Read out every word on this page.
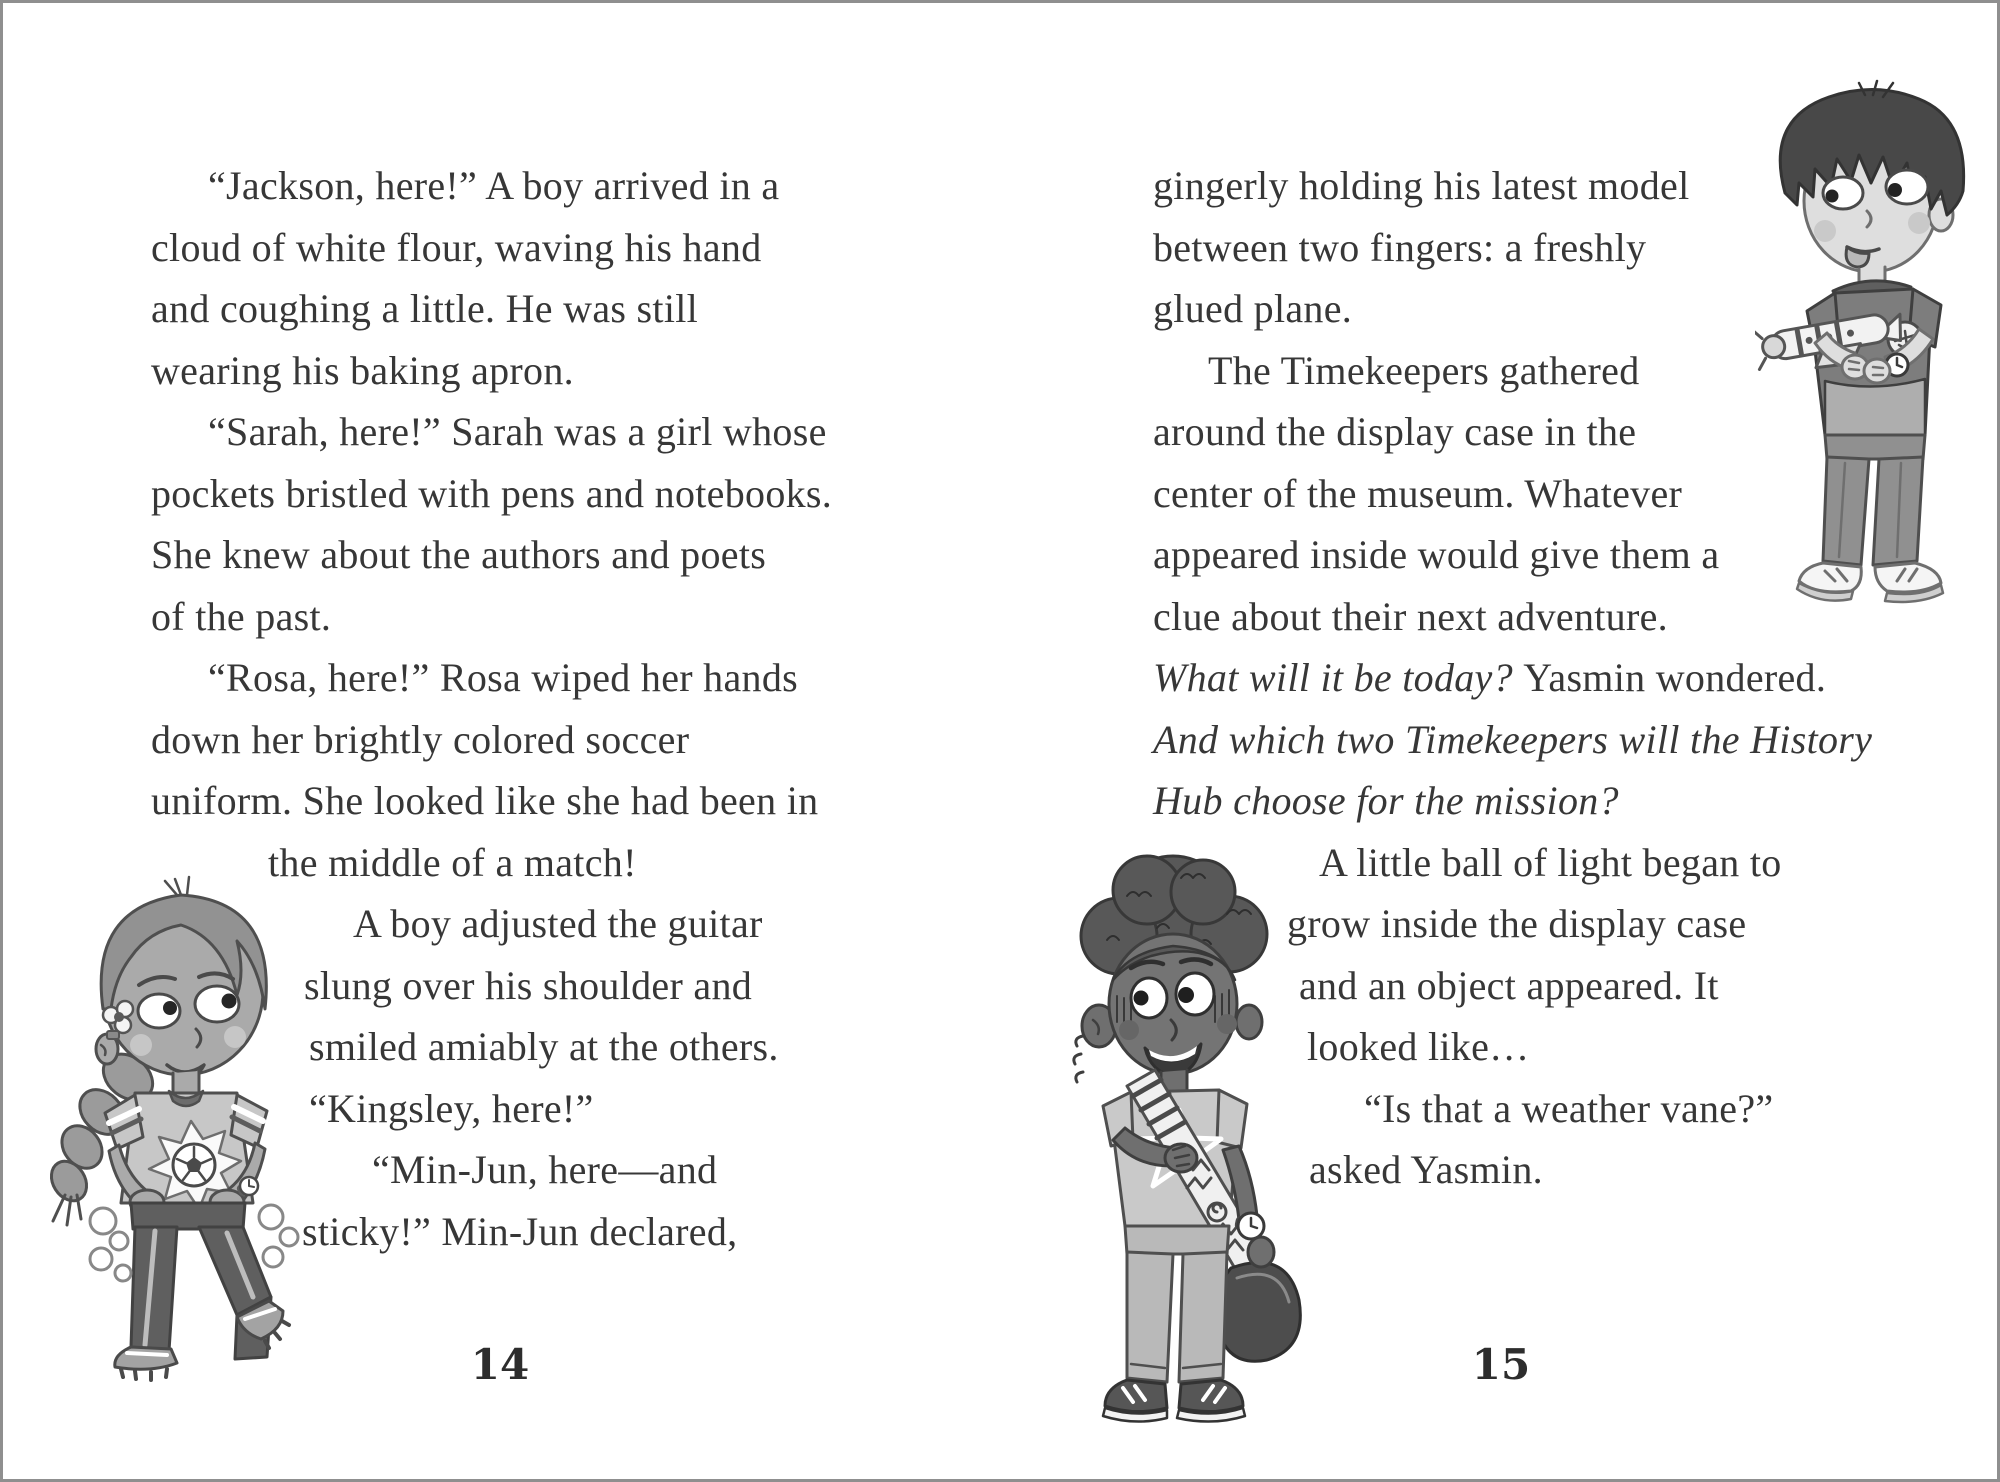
“Jackson, here!” A boy arrived in a
cloud of white flour, waving his hand
and coughing a little. He was still
wearing his baking apron.
“Sarah, here!” Sarah was a girl whose
pockets bristled with pens and notebooks.
She knew about the authors and poets
of the past.
“Rosa, here!” Rosa wiped her hands
down her brightly colored soccer
uniform. She looked like she had been in
the middle of a match!
A boy adjusted the guitar
slung over his shoulder and
smiled amiably at the others.
“Kingsley, here!”
“Min-Jun, here—and
sticky!” Min-Jun declared,
gingerly holding his latest model
between two fingers: a freshly
glued plane.
The Timekeepers gathered
around the display case in the
center of the museum. Whatever
appeared inside would give them a
clue about their next adventure.
What will it be today? Yasmin wondered.
And which two Timekeepers will the History
Hub choose for the mission?
A little ball of light began to
grow inside the display case
and an object appeared. It
looked like…
“Is that a weather vane?”
asked Yasmin.
14	15
